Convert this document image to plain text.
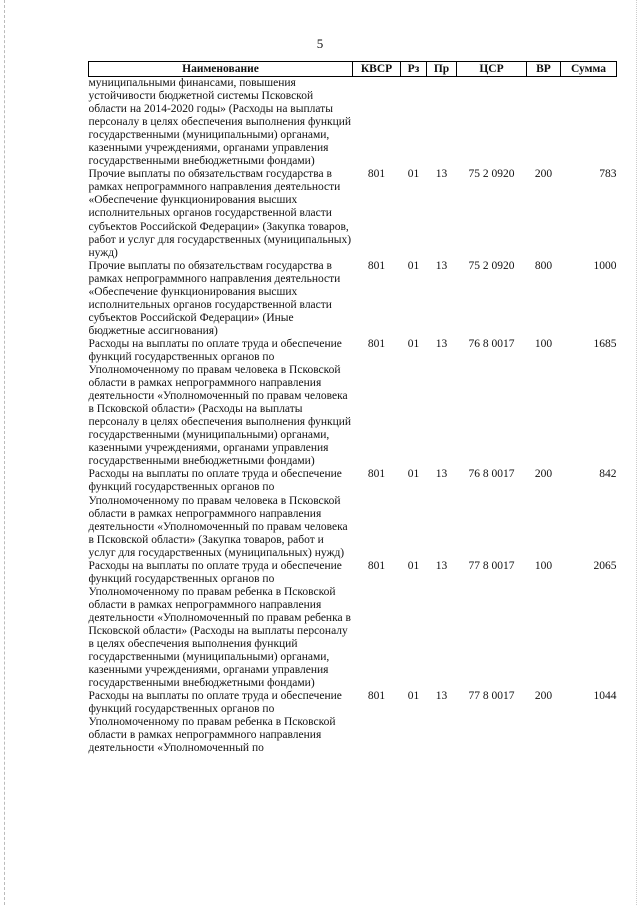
5
Наименование	КВСР	Рз	Пр	ЦСР	ВР	Сумма
муниципальными финансами, повышения устойчивости бюджетной системы Псковской области на 2014-2020 годы» (Расходы на выплаты персоналу в целях обеспечения выполнения функций государственными (муниципальными) органами, казенными учреждениями, органами управления государственными внебюджетными фондами)						
Прочие выплаты по обязательствам государства в рамках непрограммного направления деятельности «Обеспечение функционирования высших исполнительных органов государственной власти субъектов Российской Федерации» (Закупка товаров, работ и услуг для государственных (муниципальных) нужд)	801	01	13	75 2 0920	200	783
Прочие выплаты по обязательствам государства в рамках непрограммного направления деятельности «Обеспечение функционирования высших исполнительных органов государственной власти субъектов Российской Федерации» (Иные бюджетные ассигнования)	801	01	13	75 2 0920	800	1000
Расходы на выплаты по оплате труда и обеспечение функций государственных органов по Уполномоченному по правам человека в Псковской области в рамках непрограммного направления деятельности «Уполномоченный по правам человека в Псковской области» (Расходы на выплаты персоналу в целях обеспечения выполнения функций государственными (муниципальными) органами, казенными учреждениями, органами управления государственными внебюджетными фондами)	801	01	13	76 8 0017	100	1685
Расходы на выплаты по оплате труда и обеспечение функций государственных органов по Уполномоченному по правам человека в Псковской области в рамках непрограммного направления деятельности «Уполномоченный по правам человека в Псковской области» (Закупка товаров, работ и услуг для государственных (муниципальных) нужд)	801	01	13	76 8 0017	200	842
Расходы на выплаты по оплате труда и обеспечение функций государственных органов по Уполномоченному по правам ребенка в Псковской области в рамках непрограммного направления деятельности «Уполномоченный по правам ребенка в Псковской области» (Расходы на выплаты персоналу в целях обеспечения выполнения функций государственными (муниципальными) органами, казенными учреждениями, органами управления государственными внебюджетными фондами)	801	01	13	77 8 0017	100	2065
Расходы на выплаты по оплате труда и обеспечение функций государственных органов по Уполномоченному по правам ребенка в Псковской области в рамках непрограммного направления деятельности «Уполномоченный по	801	01	13	77 8 0017	200	1044
